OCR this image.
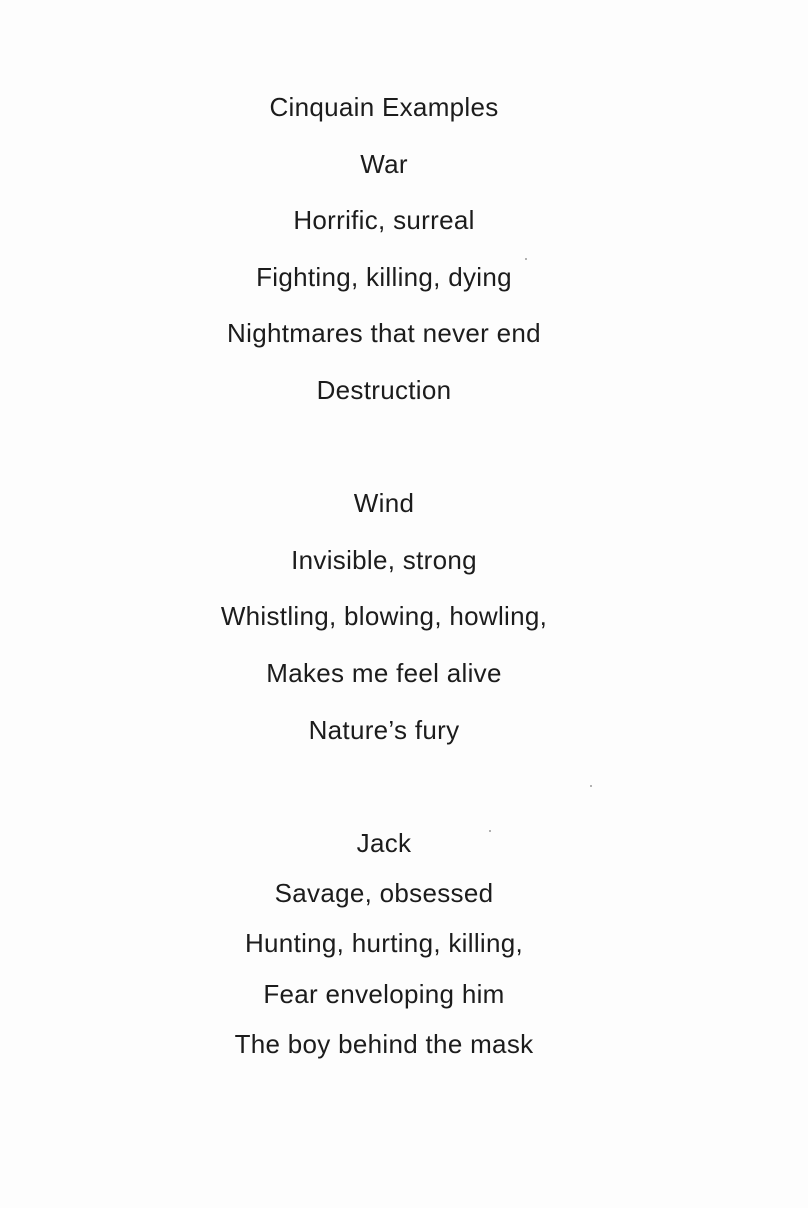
Cinquain Examples
War
Horrific, surreal
Fighting, killing, dying
Nightmares that never end
Destruction
Wind
Invisible, strong
Whistling, blowing, howling,
Makes me feel alive
Nature’s fury
Jack
Savage, obsessed
Hunting, hurting, killing,
Fear enveloping him
The boy behind the mask
